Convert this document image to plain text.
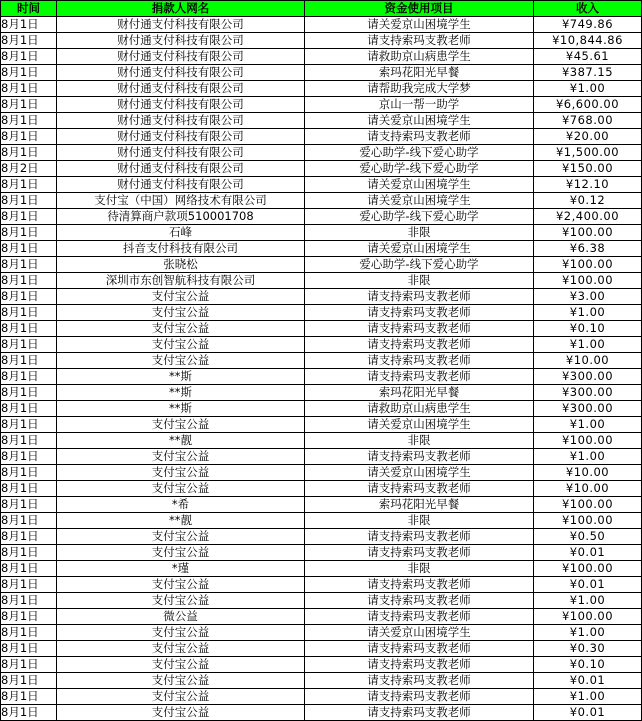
时间	捐款人网名	资金使用项目	收入
8月1日	财付通支付科技有限公司	请关爱京山困境学生	¥749.86
8月1日	财付通支付科技有限公司	请支持索玛支教老师	¥10,844.86
8月1日	财付通支付科技有限公司	请救助京山病患学生	¥45.61
8月1日	财付通支付科技有限公司	索玛花阳光早餐	¥387.15
8月1日	财付通支付科技有限公司	请帮助我完成大学梦	¥1.00
8月1日	财付通支付科技有限公司	京山一帮一助学	¥6,600.00
8月1日	财付通支付科技有限公司	请关爱京山困境学生	¥768.00
8月1日	财付通支付科技有限公司	请支持索玛支教老师	¥20.00
8月1日	财付通支付科技有限公司	爱心助学-线下爱心助学	¥1,500.00
8月2日	财付通支付科技有限公司	爱心助学-线下爱心助学	¥150.00
8月1日	财付通支付科技有限公司	请关爱京山困境学生	¥12.10
8月1日	支付宝（中国）网络技术有限公司	请关爱京山困境学生	¥0.12
8月1日	待清算商户款项510001708	爱心助学-线下爱心助学	¥2,400.00
8月1日	石峰	非限	¥100.00
8月1日	抖音支付科技有限公司	请关爱京山困境学生	¥6.38
8月1日	张晓松	爱心助学-线下爱心助学	¥100.00
8月1日	深圳市东创智航科技有限公司	非限	¥100.00
8月1日	支付宝公益	请支持索玛支教老师	¥3.00
8月1日	支付宝公益	请支持索玛支教老师	¥1.00
8月1日	支付宝公益	请支持索玛支教老师	¥0.10
8月1日	支付宝公益	请支持索玛支教老师	¥1.00
8月1日	支付宝公益	请支持索玛支教老师	¥10.00
8月1日	**斯	请支持索玛支教老师	¥300.00
8月1日	**斯	索玛花阳光早餐	¥300.00
8月1日	**斯	请救助京山病患学生	¥300.00
8月1日	支付宝公益	请关爱京山困境学生	¥1.00
8月1日	**靓	非限	¥100.00
8月1日	支付宝公益	请支持索玛支教老师	¥1.00
8月1日	支付宝公益	请关爱京山困境学生	¥10.00
8月1日	支付宝公益	请支持索玛支教老师	¥10.00
8月1日	*希	索玛花阳光早餐	¥100.00
8月1日	**靓	非限	¥100.00
8月1日	支付宝公益	请支持索玛支教老师	¥0.50
8月1日	支付宝公益	请支持索玛支教老师	¥0.01
8月1日	*瑾	非限	¥100.00
8月1日	支付宝公益	请支持索玛支教老师	¥0.01
8月1日	支付宝公益	请支持索玛支教老师	¥1.00
8月1日	微公益	请支持索玛支教老师	¥100.00
8月1日	支付宝公益	请关爱京山困境学生	¥1.00
8月1日	支付宝公益	请支持索玛支教老师	¥0.30
8月1日	支付宝公益	请支持索玛支教老师	¥0.10
8月1日	支付宝公益	请支持索玛支教老师	¥0.01
8月1日	支付宝公益	请支持索玛支教老师	¥1.00
8月1日	支付宝公益	请支持索玛支教老师	¥0.01
